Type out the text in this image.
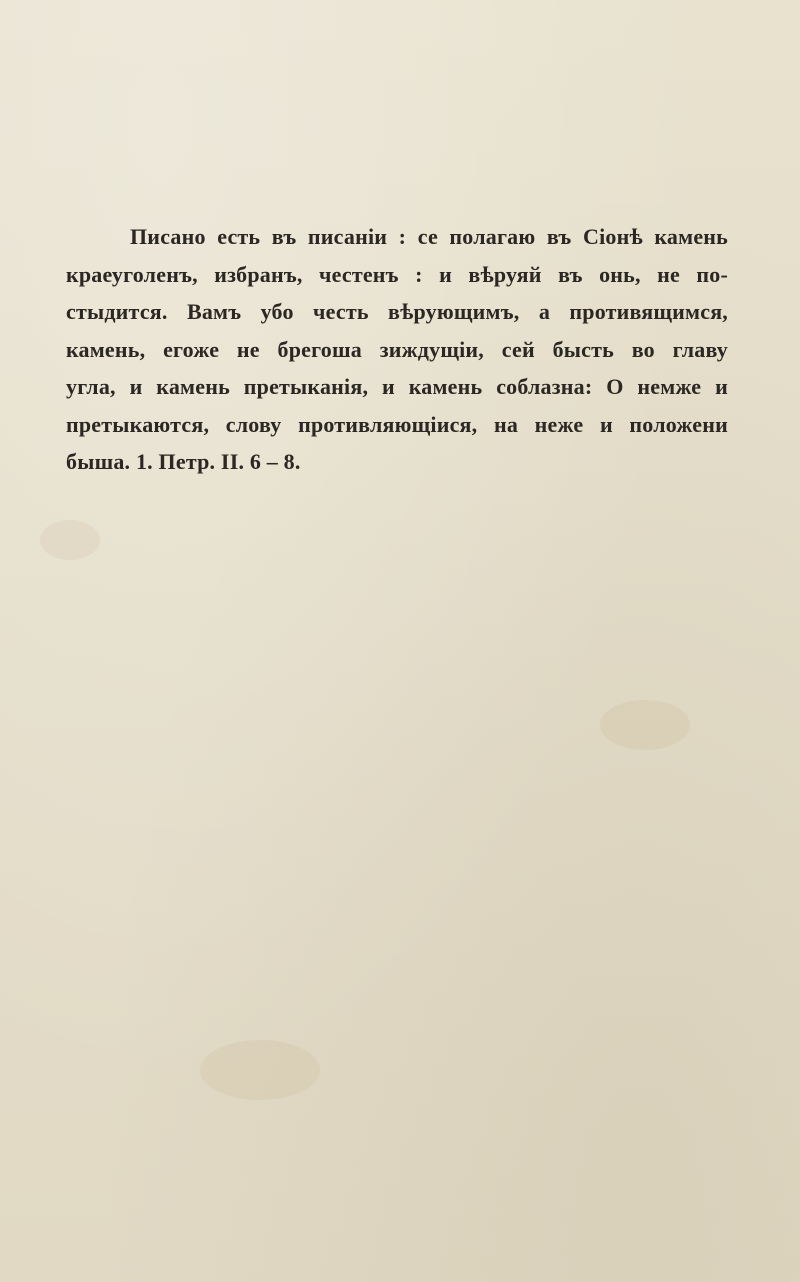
Писано есть въ писаніи : се полагаю въ Сіонѣ камень
краеуголенъ, избранъ, честенъ : и вѣруяй въ онь, не по-
стыдится. Вамъ убо честь вѣрующимъ, а противящимся,
камень, егоже не брегоша зиждущіи, сей бысть во главу
угла, и камень претыканія, и камень соблазна: О немже и
претыкаются, слову противляющіися, на неже и положени
быша. 1. Петр. II. 6 – 8.
